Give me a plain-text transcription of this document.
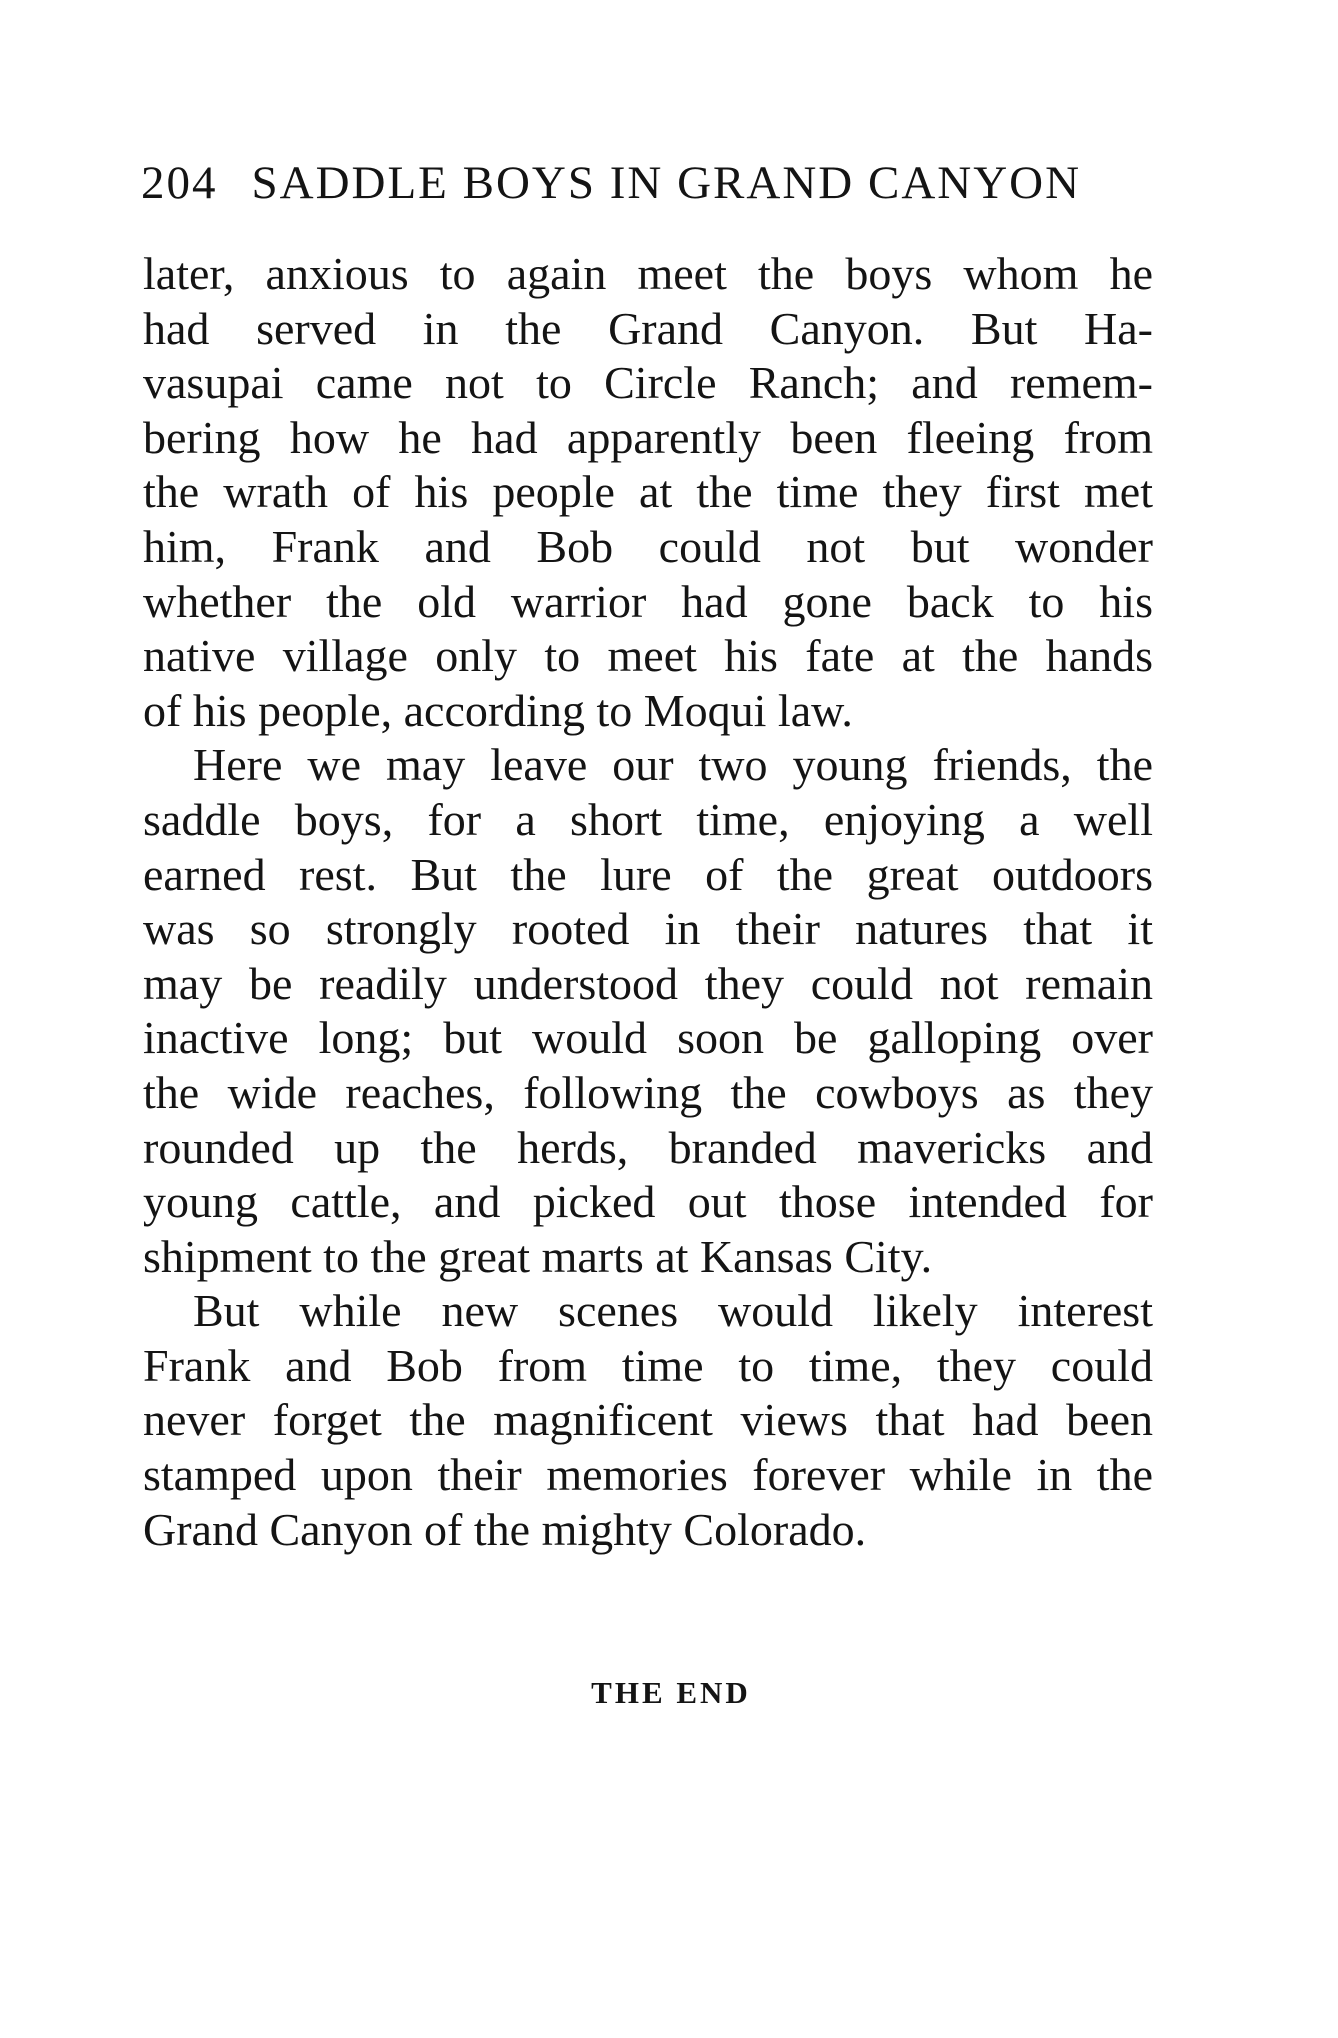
204 SADDLE BOYS IN GRAND CANYON
later, anxious to again meet the boys whom he
had served in the Grand Canyon. But Ha-
vasupai came not to Circle Ranch; and remem-
bering how he had apparently been fleeing from
the wrath of his people at the time they first met
him, Frank and Bob could not but wonder
whether the old warrior had gone back to his
native village only to meet his fate at the hands
of his people, according to Moqui law.
Here we may leave our two young friends, the
saddle boys, for a short time, enjoying a well
earned rest. But the lure of the great outdoors
was so strongly rooted in their natures that it
may be readily understood they could not remain
inactive long; but would soon be galloping over
the wide reaches, following the cowboys as they
rounded up the herds, branded mavericks and
young cattle, and picked out those intended for
shipment to the great marts at Kansas City.
But while new scenes would likely interest
Frank and Bob from time to time, they could
never forget the magnificent views that had been
stamped upon their memories forever while in the
Grand Canyon of the mighty Colorado.
THE END
